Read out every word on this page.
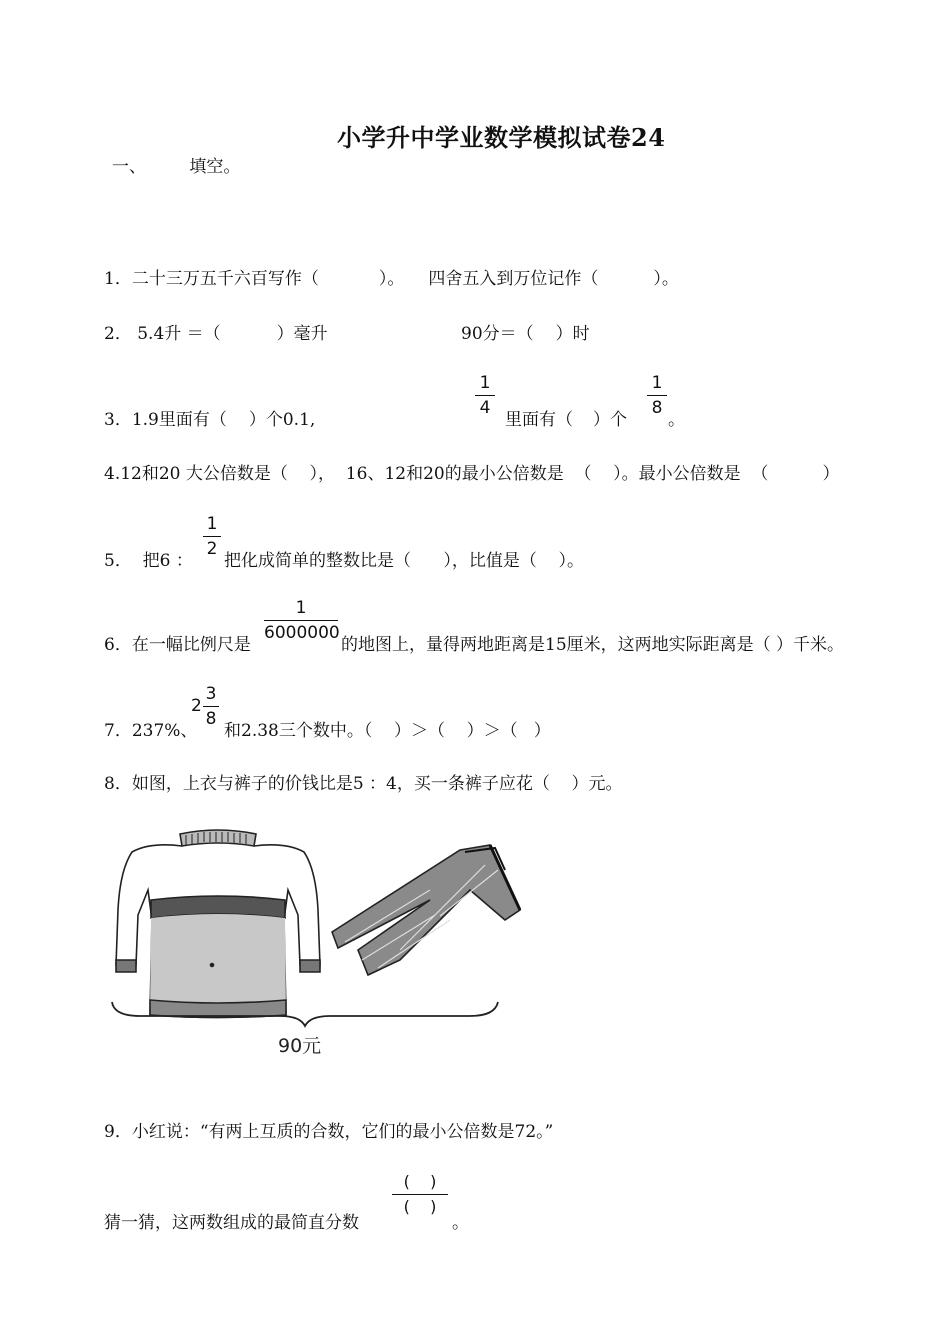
小学升中学业数学模拟试卷24
一、	填空。
1．二十三万五千六百写作（	）。 四舍五入到万位记作（	）。
2． 5.4升 ＝（	）毫升	90分＝（ ）时
3．1.9里面有（ ）个0.1,
1
4
里面有（ ）个
1
8
。
4.12和20 大公倍数是（    ），  16、12和20的最小公倍数是  （    ）。最小公倍数是  （          ）
5．  把6 ：
1
2
把化成简单的整数比是（      ），比值是（    ）。
6．在一幅比例尺是
1
6000000
的地图上，量得两地距离是15厘米，这两地实际距离是（ ）千米。
7．237%、
2
3
8
和2.38三个数中。（    ）＞（    ）＞（   ）
8．如图，上衣与裤子的价钱比是5 ：4，买一条裤子应花（    ）元。
90元
9．小红说：“有两上互质的合数，它们的最小公倍数是72。”
猜一猜，这两数组成的最简直分数
(    )
(    )
。
